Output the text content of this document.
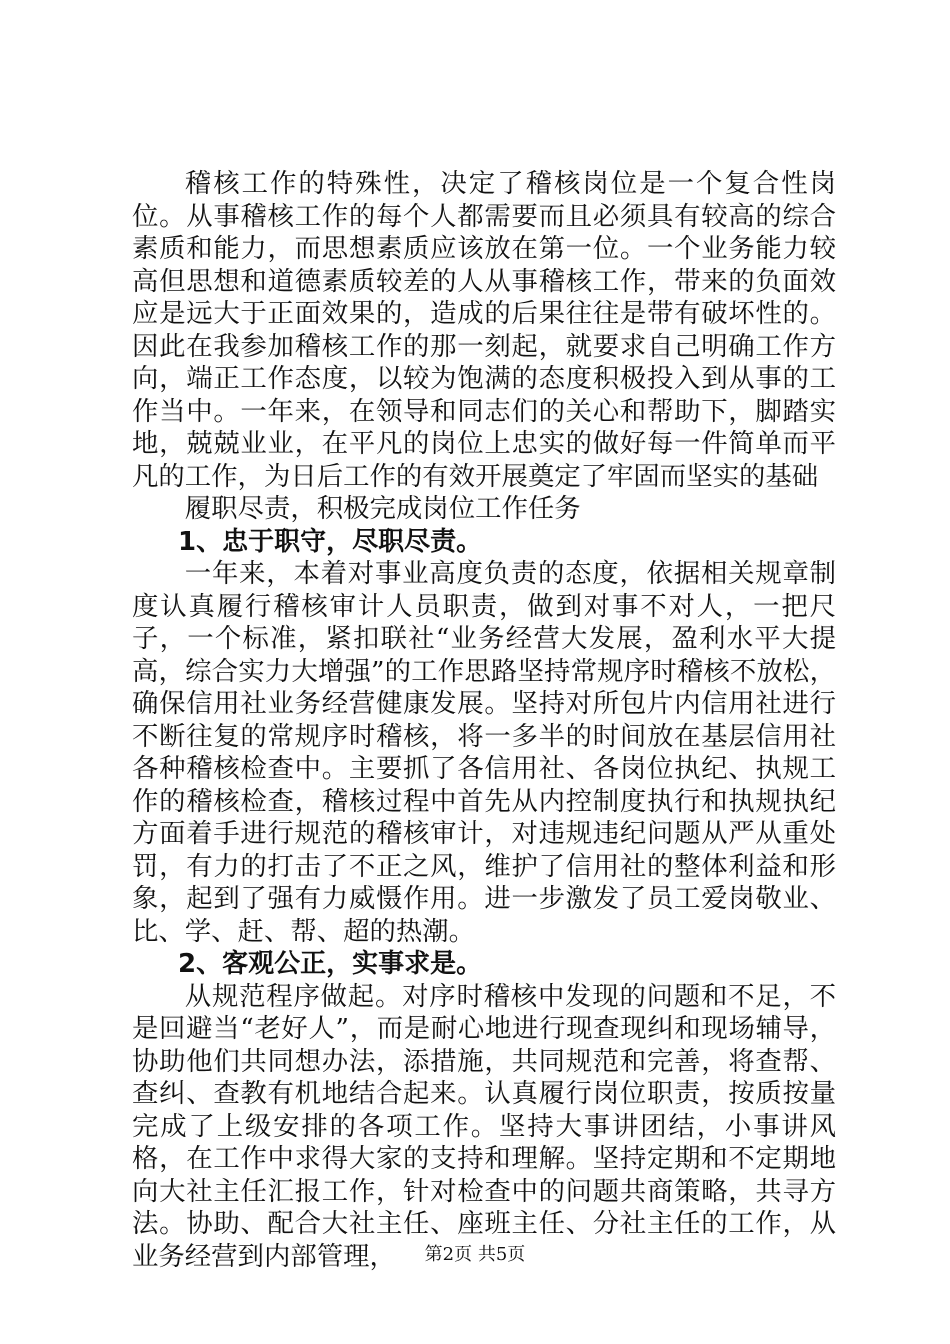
稽核工作的特殊性，决定了稽核岗位是一个复合性岗位。从事稽核工作的每个人都需要而且必须具有较高的综合素质和能力，而思想素质应该放在第一位。一个业务能力较高但思想和道德素质较差的人从事稽核工作，带来的负面效应是远大于正面效果的，造成的后果往往是带有破坏性的。因此在我参加稽核工作的那一刻起，就要求自己明确工作方向，端正工作态度，以较为饱满的态度积极投入到从事的工作当中。一年来，在领导和同志们的关心和帮助下，脚踏实地，兢兢业业，在平凡的岗位上忠实的做好每一件简单而平凡的工作，为日后工作的有效开展奠定了牢固而坚实的基础

履职尽责，积极完成岗位工作任务

1、忠于职守，尽职尽责。

一年来，本着对事业高度负责的态度，依据相关规章制度认真履行稽核审计人员职责，做到对事不对人，一把尺子，一个标准，紧扣联社“业务经营大发展，盈利水平大提高，综合实力大增强”的工作思路坚持常规序时稽核不放松，确保信用社业务经营健康发展。坚持对所包片内信用社进行不断往复的常规序时稽核，将一多半的时间放在基层信用社各种稽核检查中。主要抓了各信用社、各岗位执纪、执规工作的稽核检查，稽核过程中首先从内控制度执行和执规执纪方面着手进行规范的稽核审计，对违规违纪问题从严从重处罚，有力的打击了不正之风，维护了信用社的整体利益和形象，起到了强有力威慑作用。进一步激发了员工爱岗敬业、比、学、赶、帮、超的热潮。

2、客观公正，实事求是。

从规范程序做起。对序时稽核中发现的问题和不足，不是回避当“老好人”，而是耐心地进行现查现纠和现场辅导，协助他们共同想办法，添措施，共同规范和完善，将查帮、查纠、查教有机地结合起来。认真履行岗位职责，按质按量完成了上级安排的各项工作。坚持大事讲团结，小事讲风格，在工作中求得大家的支持和理解。坚持定期和不定期地向大社主任汇报工作，针对检查中的问题共商策略，共寻方法。协助、配合大社主任、座班主任、分社主任的工作，从业务经营到内部管理，	第2页 共5页
